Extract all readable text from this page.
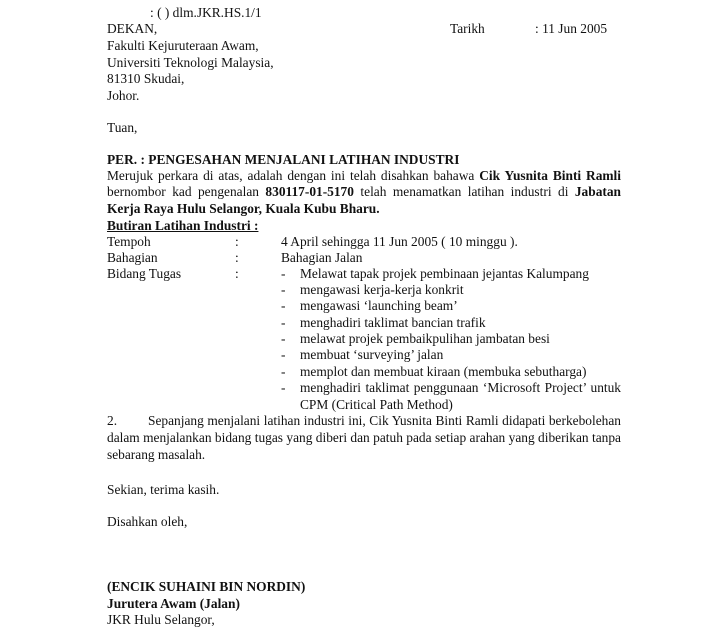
: ( ) dlm.JKR.HS.1/1
DEKAN,
Fakulti Kejuruteraan Awam,
Universiti Teknologi Malaysia,
81310 Skudai,
Johor.
Tarikh	: 11 Jun 2005
Tuan,
PER. : PENGESAHAN MENJALANI LATIHAN INDUSTRI
Merujuk perkara di atas, adalah dengan ini telah disahkan bahawa Cik Yusnita Binti Ramli bernombor kad pengenalan 830117-01-5170 telah menamatkan latihan industri di Jabatan Kerja Raya Hulu Selangor, Kuala Kubu Bharu.
Butiran Latihan Industri :
Tempoh	:	4 April sehingga 11 Jun 2005 ( 10 minggu ).
Bahagian	:	Bahagian Jalan
Bidang Tugas	:	- Melawat tapak projek pembinaan jejantas Kalumpang
- mengawasi kerja-kerja konkrit
- mengawasi ‘launching beam’
- menghadiri taklimat bancian trafik
- melawat projek pembaikpulihan jambatan besi
- membuat ‘surveying’ jalan
- memplot dan membuat kiraan (membuka sebutharga)
- menghadiri taklimat penggunaan ‘Microsoft Project’ untuk CPM (Critical Path Method)
2.	Sepanjang menjalani latihan industri ini, Cik Yusnita Binti Ramli didapati berkebolehan dalam menjalankan bidang tugas yang diberi dan patuh pada setiap arahan yang diberikan tanpa sebarang masalah.
Sekian, terima kasih.
Disahkan oleh,
(ENCIK SUHAINI BIN NORDIN)
Jurutera Awam (Jalan)
JKR Hulu Selangor,
